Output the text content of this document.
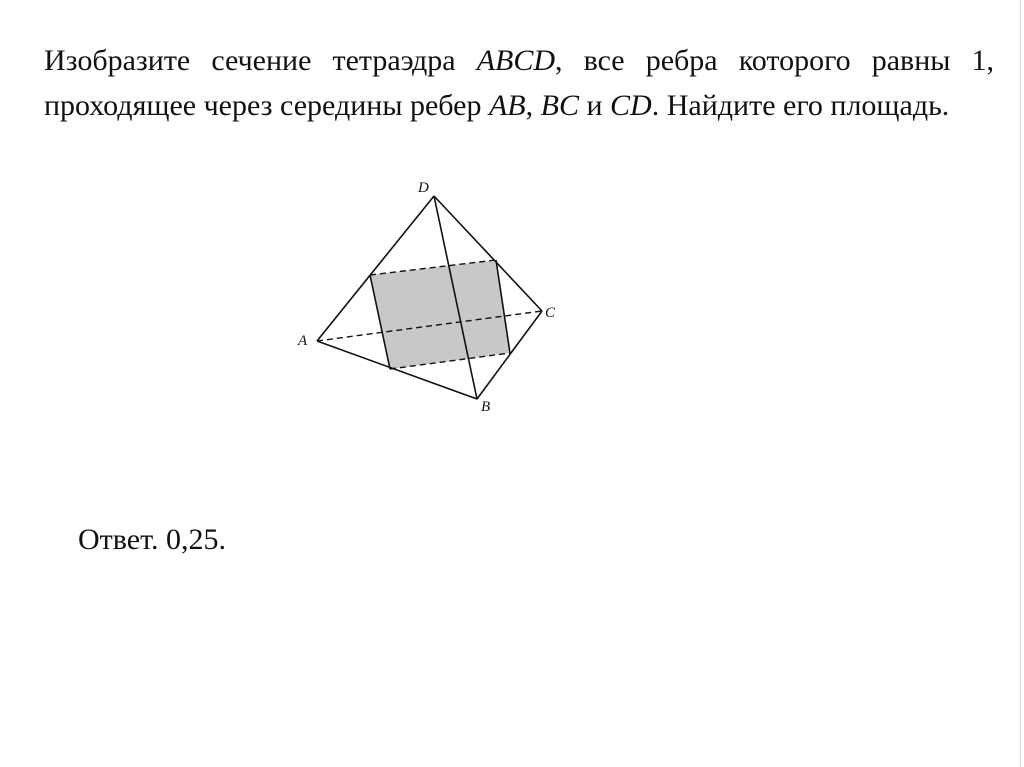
Изобразите сечение тетраэдра ABCD, все ребра которого равны 1, проходящее через середины ребер AB, BC и CD. Найдите его площадь.

D
A
C
B

Ответ. 0,25.
